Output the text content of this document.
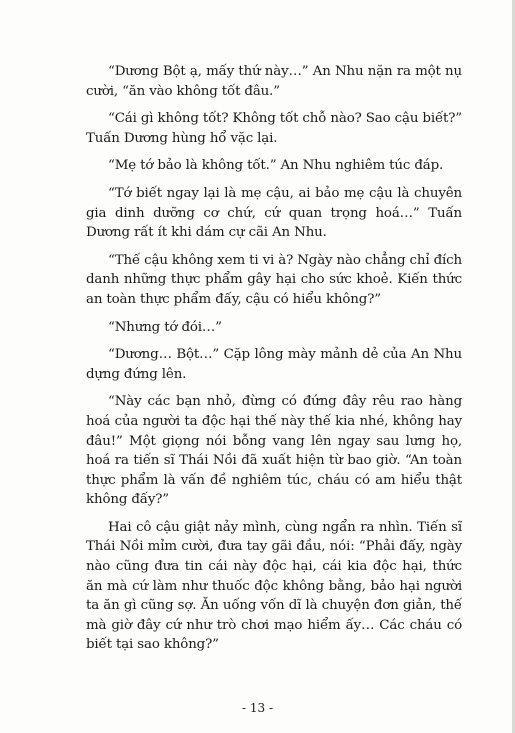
“Dương Bột ạ, mấy thứ này…” An Nhu nặn ra một nụ cười, “ăn vào không tốt đâu.”

“Cái gì không tốt? Không tốt chỗ nào? Sao cậu biết?” Tuấn Dương hùng hổ vặc lại.

“Mẹ tớ bảo là không tốt.” An Nhu nghiêm túc đáp.

“Tớ biết ngay lại là mẹ cậu, ai bảo mẹ cậu là chuyên gia dinh dưỡng cơ chứ, cứ quan trọng hoá…” Tuấn Dương rất ít khi dám cự cãi An Nhu.

“Thế cậu không xem ti vi à? Ngày nào chẳng chỉ đích danh những thực phẩm gây hại cho sức khoẻ. Kiến thức an toàn thực phẩm đấy, cậu có hiểu không?”

“Nhưng tớ đói…”

“Dương… Bột…” Cặp lông mày mảnh dẻ của An Nhu dựng đứng lên.

“Này các bạn nhỏ, đừng có đứng đây rêu rao hàng hoá của người ta độc hại thế này thế kia nhé, không hay đâu!” Một giọng nói bỗng vang lên ngay sau lưng họ, hoá ra tiến sĩ Thái Nồi đã xuất hiện từ bao giờ. “An toàn thực phẩm là vấn đề nghiêm túc, cháu có am hiểu thật không đấy?”

Hai cô cậu giật nảy mình, cùng ngẩn ra nhìn. Tiến sĩ Thái Nồi mỉm cười, đưa tay gãi đầu, nói: “Phải đấy, ngày nào cũng đưa tin cái này độc hại, cái kia độc hại, thức ăn mà cứ làm như thuốc độc không bằng, bảo hại người ta ăn gì cũng sợ. Ăn uống vốn dĩ là chuyện đơn giản, thế mà giờ đây cứ như trò chơi mạo hiểm ấy… Các cháu có biết tại sao không?”

- 13 -
